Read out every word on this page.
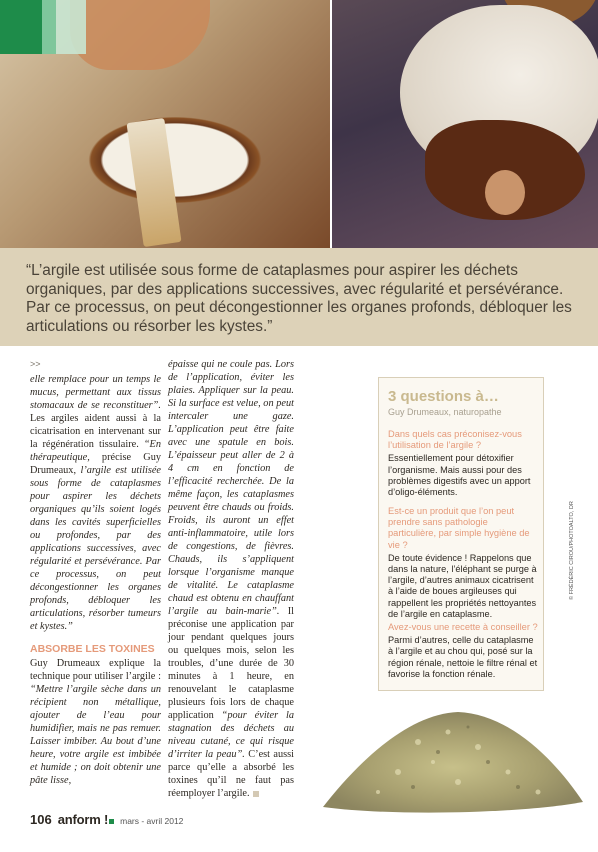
“L’argile est utilisée sous forme de cataplasmes pour aspirer les déchets organiques, par des applications successives, avec régularité et persévérance. Par ce processus, on peut décongestionner les organes profonds, débloquer les articulations ou résorber les kystes.”

>>

elle remplace pour un temps le mucus, permettant aux tissus stomacaux de se reconstituer”. Les argiles aident aussi à la cicatrisation en intervenant sur la régénération tissulaire. “En thérapeutique, précise Guy Drumeaux, l’argile est utilisée sous forme de cataplasmes pour aspirer les déchets organiques qu’ils soient logés dans les cavités superficielles ou profondes, par des applications successives, avec régularité et persévérance. Par ce processus, on peut décongestionner les organes profonds, débloquer les articulations, résorber tumeurs et kystes.”

ABSORBE LES TOXINES

Guy Drumeaux explique la technique pour utiliser l’argile : “Mettre l’argile sèche dans un récipient non métallique, ajouter de l’eau pour humidifier, mais ne pas remuer. Laisser imbiber. Au bout d’une heure, votre argile est imbibée et humide ; on doit obtenir une pâte lisse,

épaisse qui ne coule pas. Lors de l’application, éviter les plaies. Appliquer sur la peau. Si la surface est velue, on peut intercaler une gaze. L’application peut être faite avec une spatule en bois. L’épaisseur peut aller de 2 à 4 cm en fonction de l’efficacité recherchée. De la même façon, les cataplasmes peuvent être chauds ou froids. Froids, ils auront un effet anti-inflammatoire, utile lors de congestions, de fièvres. Chauds, ils s’appliquent lorsque l’organisme manque de vitalité. Le cataplasme chaud est obtenu en chauffant l’argile au bain-marie”. Il préconise une application par jour pendant quelques jours ou quelques mois, selon les troubles, d’une durée de 30 minutes à 1 heure, en renouvelant le cataplasme plusieurs fois lors de chaque application “pour éviter la stagnation des déchets au niveau cutané, ce qui risque d’irriter la peau”. C’est aussi parce qu’elle a absorbé les toxines qu’il ne faut pas réemployer l’argile.

3 questions à…
Guy Drumeaux, naturopathe

Dans quels cas préconisez-vous l’utilisation de l’argile ?

Essentiellement pour détoxifier l’organisme. Mais aussi pour des problèmes digestifs avec un apport d’oligo-éléments.

Est-ce un produit que l’on peut prendre sans pathologie particulière, par simple hygiène de vie ?

De toute évidence ! Rappelons que dans la nature, l’éléphant se purge à l’argile, d’autres animaux cicatrisent à l’aide de boues argileuses qui rappellent les propriétés nettoyantes de l’argile en cataplasme.

Avez-vous une recette à conseiller ?

Parmi d’autres, celle du cataplasme à l’argile et au chou qui, posé sur la région rénale, nettoie le filtre rénal et favorise la fonction rénale.

© FRÉDÉRIC CIROU/PHOTOALTO, DR
106 anform !	mars - avril 2012
